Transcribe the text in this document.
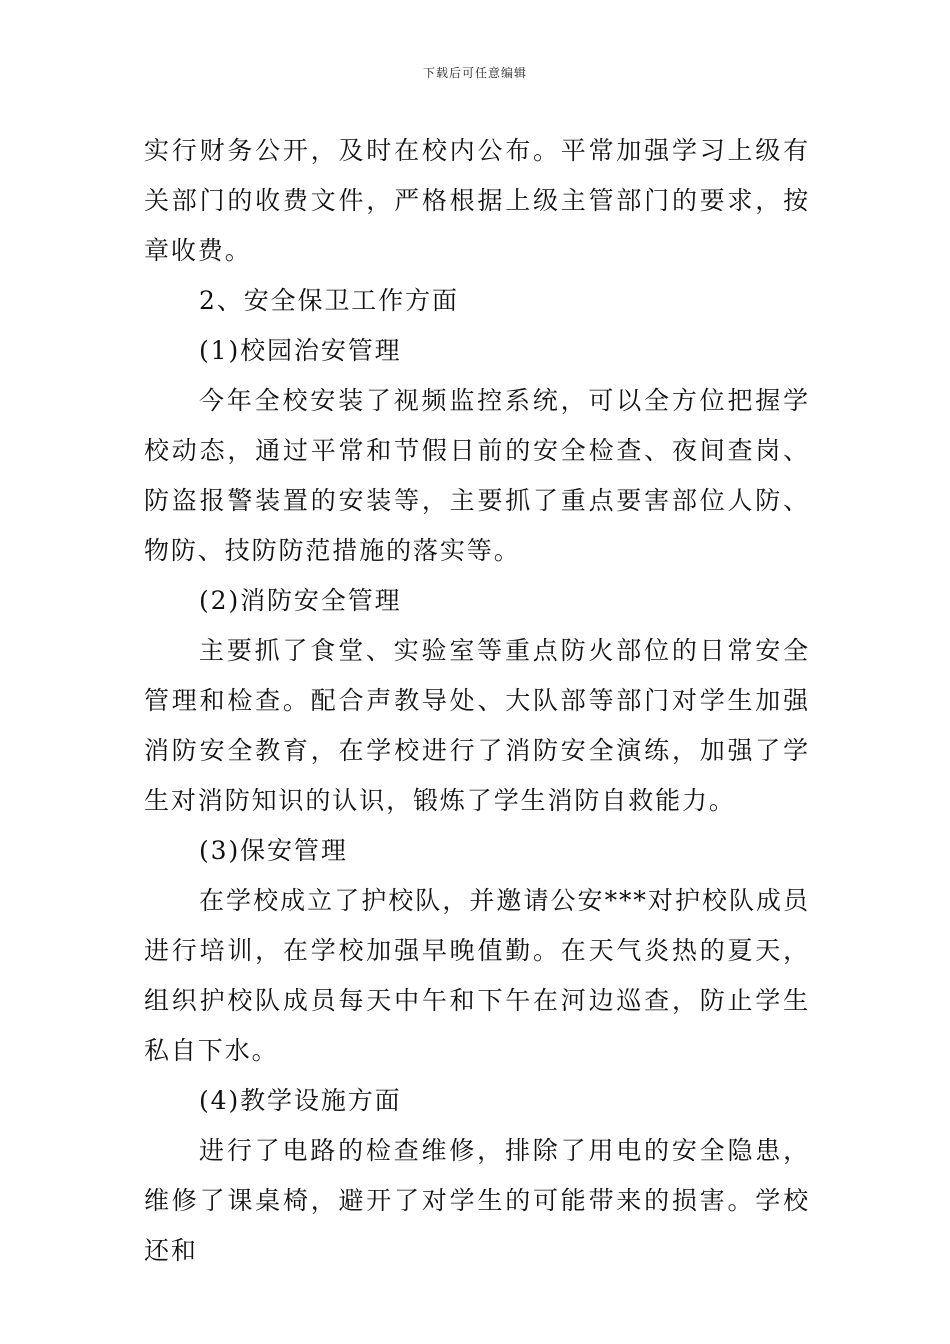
下载后可任意编辑

实行财务公开，及时在校内公布。平常加强学习上级有关部门的收费文件，严格根据上级主管部门的要求，按章收费。

2、安全保卫工作方面

(1)校园治安管理

今年全校安装了视频监控系统，可以全方位把握学校动态，通过平常和节假日前的安全检查、夜间查岗、防盗报警装置的安装等，主要抓了重点要害部位人防、物防、技防防范措施的落实等。

(2)消防安全管理

主要抓了食堂、实验室等重点防火部位的日常安全管理和检查。配合声教导处、大队部等部门对学生加强消防安全教育，在学校进行了消防安全演练，加强了学生对消防知识的认识，锻炼了学生消防自救能力。

(3)保安管理

在学校成立了护校队，并邀请公安***对护校队成员进行培训，在学校加强早晚值勤。在天气炎热的夏天，组织护校队成员每天中午和下午在河边巡查，防止学生私自下水。

(4)教学设施方面

进行了电路的检查维修，排除了用电的安全隐患，维修了课桌椅，避开了对学生的可能带来的损害。学校还和
